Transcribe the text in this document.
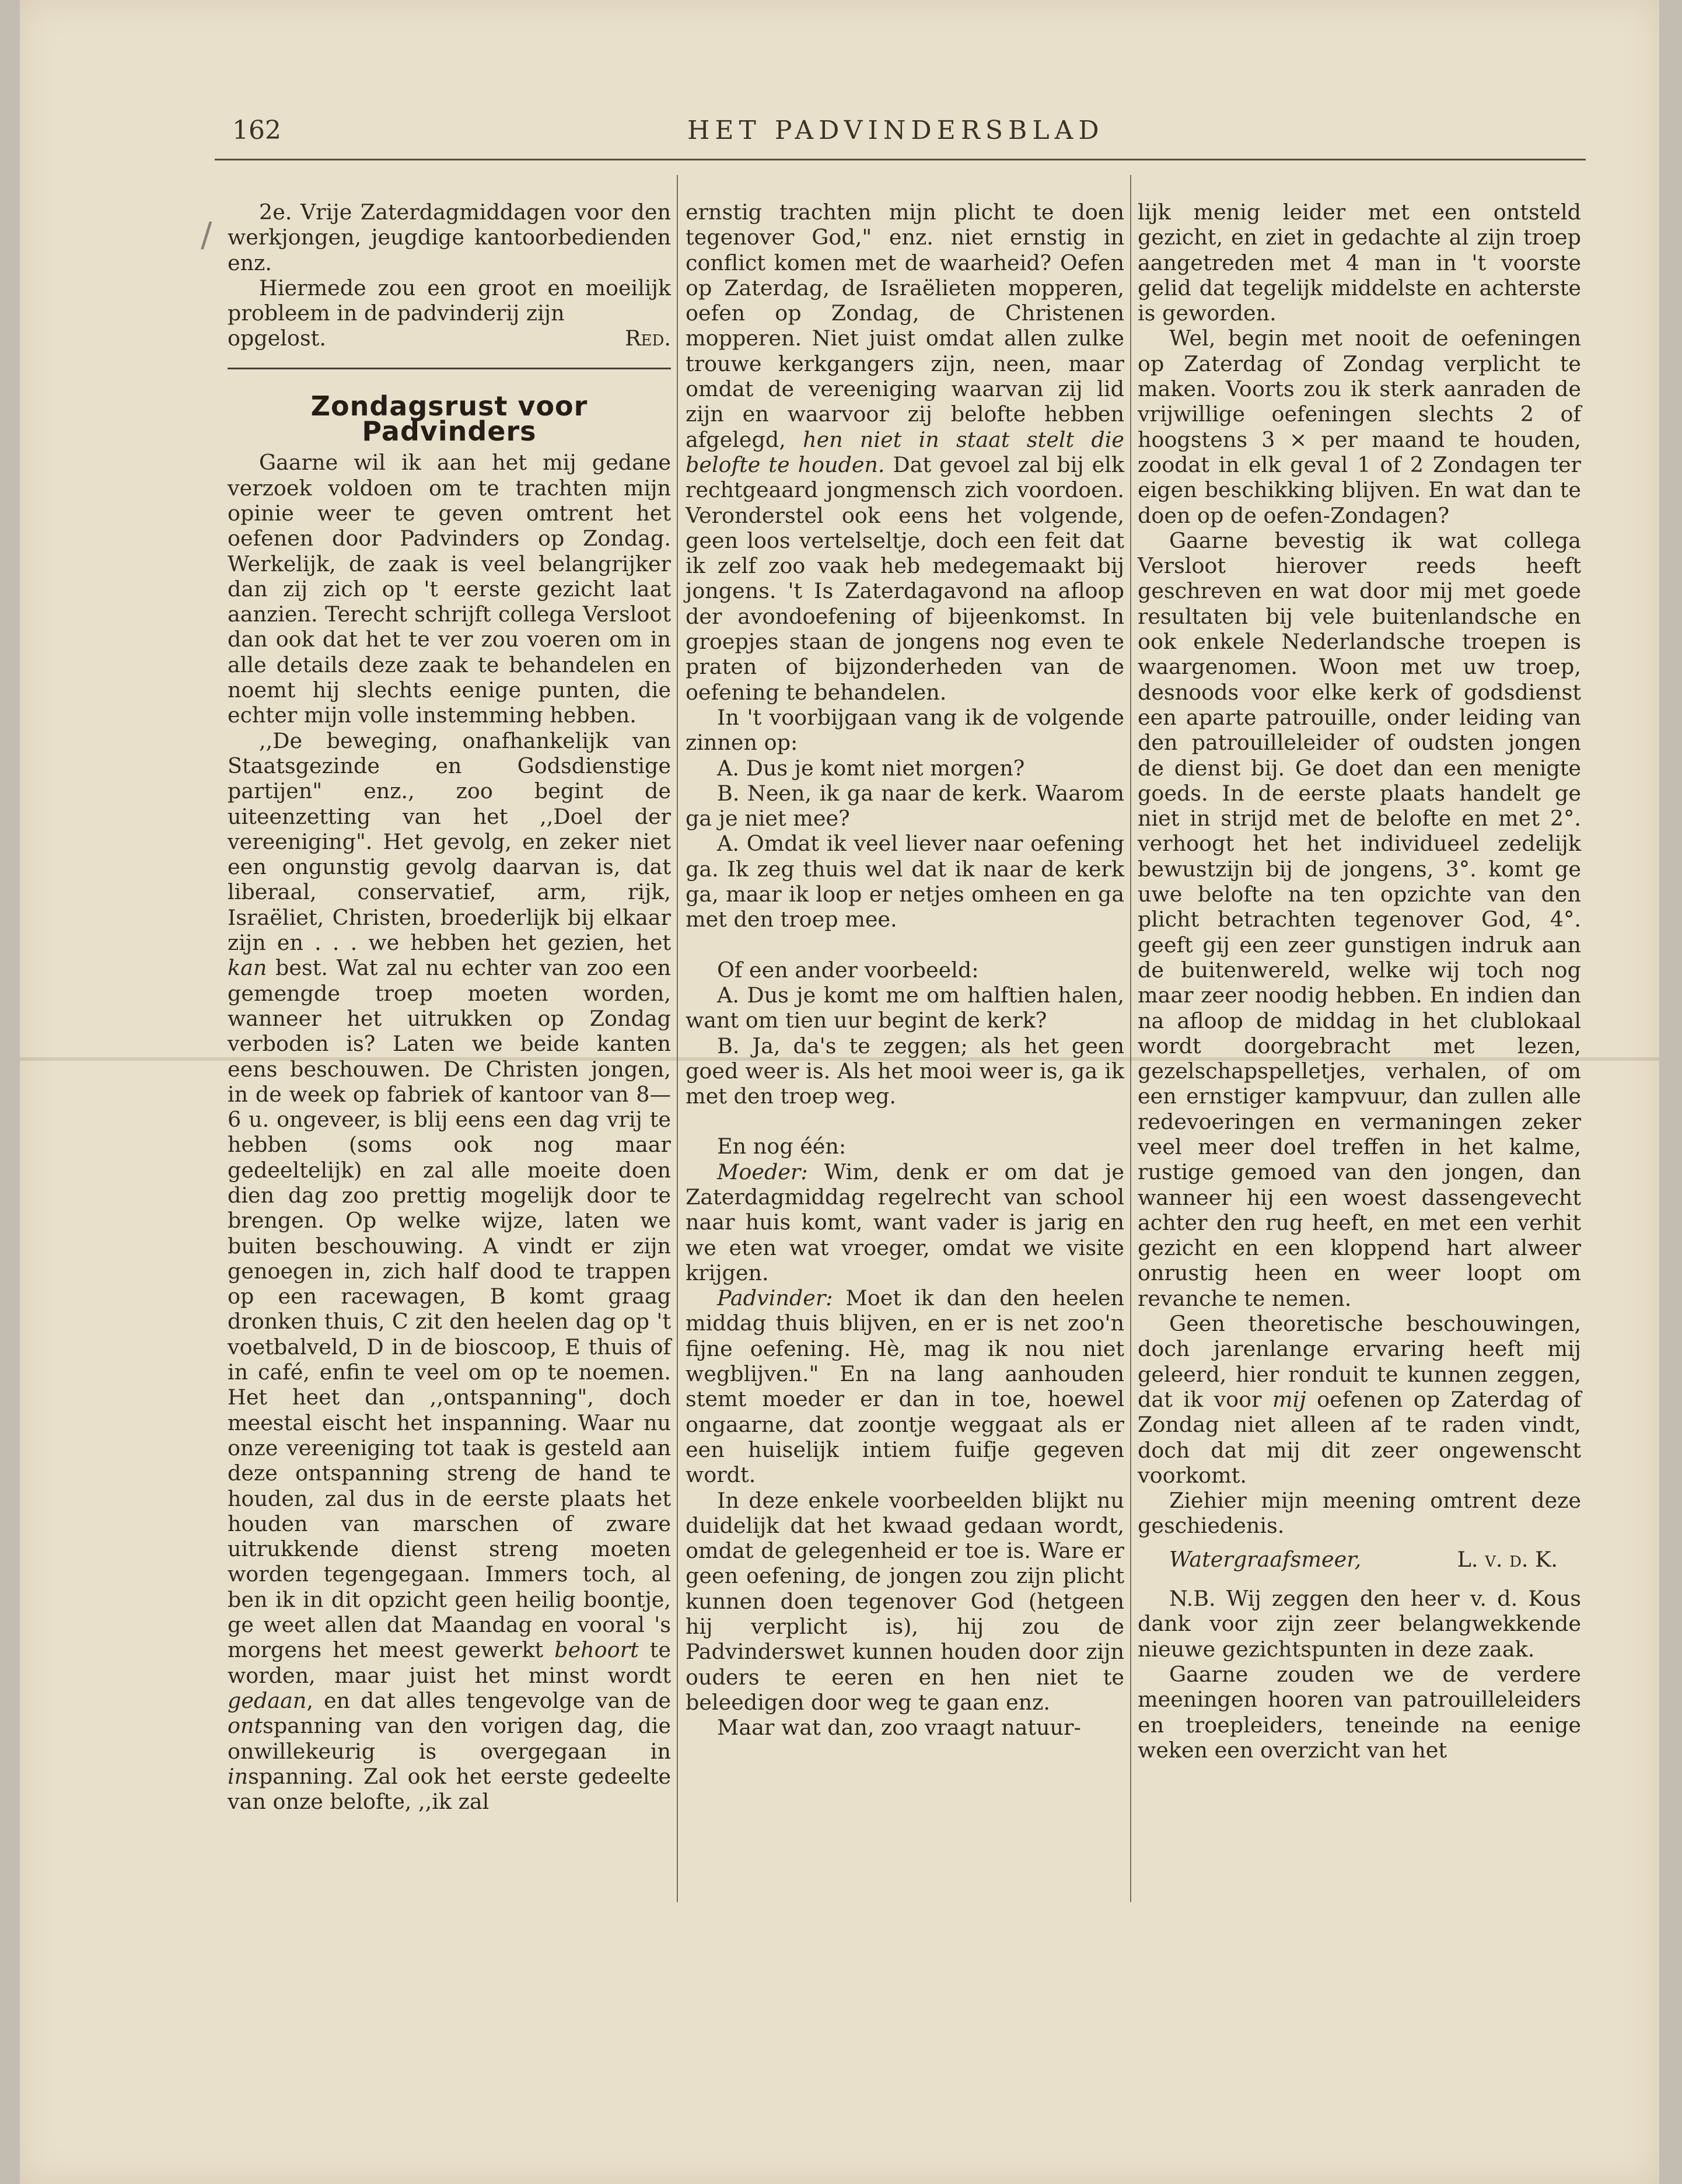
162	HET PADVINDERSBLAD
∕

2e. Vrije Zaterdagmiddagen voor den werkjongen, jeugdige kantoorbedienden enz.

Hiermede zou een groot en moeilijk probleem in de padvinderij zijn

opgelost.	Red.
Zondagsrust voor Padvinders

Gaarne wil ik aan het mij gedane verzoek voldoen om te trachten mijn opinie weer te geven omtrent het oefenen door Padvinders op Zondag. Werkelijk, de zaak is veel belangrijker dan zij zich op 't eerste gezicht laat aanzien. Terecht schrijft collega Versloot dan ook dat het te ver zou voeren om in alle details deze zaak te behandelen en noemt hij slechts eenige punten, die echter mijn volle instemming hebben.

,,De beweging, onafhankelijk van Staatsgezinde en Godsdienstige partijen" enz., zoo begint de uiteenzetting van het ,,Doel der vereeniging". Het gevolg, en zeker niet een ongunstig gevolg daarvan is, dat liberaal, conservatief, arm, rijk, Israëliet, Christen, broederlijk bij elkaar zijn en . . . we hebben het gezien, het kan best. Wat zal nu echter van zoo een gemengde troep moeten worden, wanneer het uitrukken op Zondag verboden is? Laten we beide kanten eens beschouwen. De Christen jongen, in de week op fabriek of kantoor van 8—6 u. ongeveer, is blij eens een dag vrij te hebben (soms ook nog maar gedeeltelijk) en zal alle moeite doen dien dag zoo prettig mogelijk door te brengen. Op welke wijze, laten we buiten beschouwing. A vindt er zijn genoegen in, zich half dood te trappen op een racewagen, B komt graag dronken thuis, C zit den heelen dag op 't voetbalveld, D in de bioscoop, E thuis of in café, enfin te veel om op te noemen. Het heet dan ,,ontspanning", doch meestal eischt het inspanning. Waar nu onze vereeniging tot taak is gesteld aan deze ontspanning streng de hand te houden, zal dus in de eerste plaats het houden van marschen of zware uitrukkende dienst streng moeten worden tegengegaan. Immers toch, al ben ik in dit opzicht geen heilig boontje, ge weet allen dat Maandag en vooral 's morgens het meest gewerkt behoort te worden, maar juist het minst wordt gedaan, en dat alles tengevolge van de ontspanning van den vorigen dag, die onwillekeurig is overgegaan in inspanning. Zal ook het eerste gedeelte van onze belofte, ,,ik zal

ernstig trachten mijn plicht te doen tegenover God," enz. niet ernstig in conflict komen met de waarheid? Oefen op Zaterdag, de Israëlieten mopperen, oefen op Zondag, de Christenen mopperen. Niet juist omdat allen zulke trouwe kerkgangers zijn, neen, maar omdat de vereeniging waarvan zij lid zijn en waarvoor zij belofte hebben afgelegd, hen niet in staat stelt die belofte te houden. Dat gevoel zal bij elk rechtgeaard jongmensch zich voordoen. Veronderstel ook eens het volgende, geen loos vertelseltje, doch een feit dat ik zelf zoo vaak heb medegemaakt bij jongens. 't Is Zaterdagavond na afloop der avondoefening of bijeenkomst. In groepjes staan de jongens nog even te praten of bijzonderheden van de oefening te behandelen.

In 't voorbijgaan vang ik de volgende zinnen op:

A. Dus je komt niet morgen?

B. Neen, ik ga naar de kerk. Waarom ga je niet mee?

A. Omdat ik veel liever naar oefening ga. Ik zeg thuis wel dat ik naar de kerk ga, maar ik loop er netjes omheen en ga met den troep mee.

Of een ander voorbeeld:

A. Dus je komt me om halftien halen, want om tien uur begint de kerk?

B. Ja, da's te zeggen; als het geen goed weer is. Als het mooi weer is, ga ik met den troep weg.

En nog één:

Moeder: Wim, denk er om dat je Zaterdagmiddag regelrecht van school naar huis komt, want vader is jarig en we eten wat vroeger, omdat we visite krijgen.

Padvinder: Moet ik dan den heelen middag thuis blijven, en er is net zoo'n fijne oefening. Hè, mag ik nou niet wegblijven." En na lang aanhouden stemt moeder er dan in toe, hoewel ongaarne, dat zoontje weggaat als er een huiselijk intiem fuifje gegeven wordt.

In deze enkele voorbeelden blijkt nu duidelijk dat het kwaad gedaan wordt, omdat de gelegenheid er toe is. Ware er geen oefening, de jongen zou zijn plicht kunnen doen tegenover God (hetgeen hij verplicht is), hij zou de Padvinderswet kunnen houden door zijn ouders te eeren en hen niet te beleedigen door weg te gaan enz.

Maar wat dan, zoo vraagt natuur-

lijk menig leider met een ontsteld gezicht, en ziet in gedachte al zijn troep aangetreden met 4 man in 't voorste gelid dat tegelijk middelste en achterste is geworden.

Wel, begin met nooit de oefeningen op Zaterdag of Zondag verplicht te maken. Voorts zou ik sterk aanraden de vrijwillige oefeningen slechts 2 of hoogstens 3 × per maand te houden, zoodat in elk geval 1 of 2 Zondagen ter eigen beschikking blijven. En wat dan te doen op de oefen-Zondagen?

Gaarne bevestig ik wat collega Versloot hierover reeds heeft geschreven en wat door mij met goede resultaten bij vele buitenlandsche en ook enkele Nederlandsche troepen is waargenomen. Woon met uw troep, desnoods voor elke kerk of godsdienst een aparte patrouille, onder leiding van den patrouilleleider of oudsten jongen de dienst bij. Ge doet dan een menigte goeds. In de eerste plaats handelt ge niet in strijd met de belofte en met 2°. verhoogt het het individueel zedelijk bewustzijn bij de jongens, 3°. komt ge uwe belofte na ten opzichte van den plicht betrachten tegenover God, 4°. geeft gij een zeer gunstigen indruk aan de buitenwereld, welke wij toch nog maar zeer noodig hebben. En indien dan na afloop de middag in het clublokaal wordt doorgebracht met lezen, gezelschapspelletjes, verhalen, of om een ernstiger kampvuur, dan zullen alle redevoeringen en vermaningen zeker veel meer doel treffen in het kalme, rustige gemoed van den jongen, dan wanneer hij een woest dassengevecht achter den rug heeft, en met een verhit gezicht en een kloppend hart alweer onrustig heen en weer loopt om revanche te nemen.

Geen theoretische beschouwingen, doch jarenlange ervaring heeft mij geleerd, hier ronduit te kunnen zeggen, dat ik voor mij oefenen op Zaterdag of Zondag niet alleen af te raden vindt, doch dat mij dit zeer ongewenscht voorkomt.

Ziehier mijn meening omtrent deze geschiedenis.

Watergraafsmeer,	L. v. d. K.

N.B. Wij zeggen den heer v. d. Kous dank voor zijn zeer belangwekkende nieuwe gezichtspunten in deze zaak.

Gaarne zouden we de verdere meeningen hooren van patrouilleleiders en troepleiders, teneinde na eenige weken een overzicht van het
